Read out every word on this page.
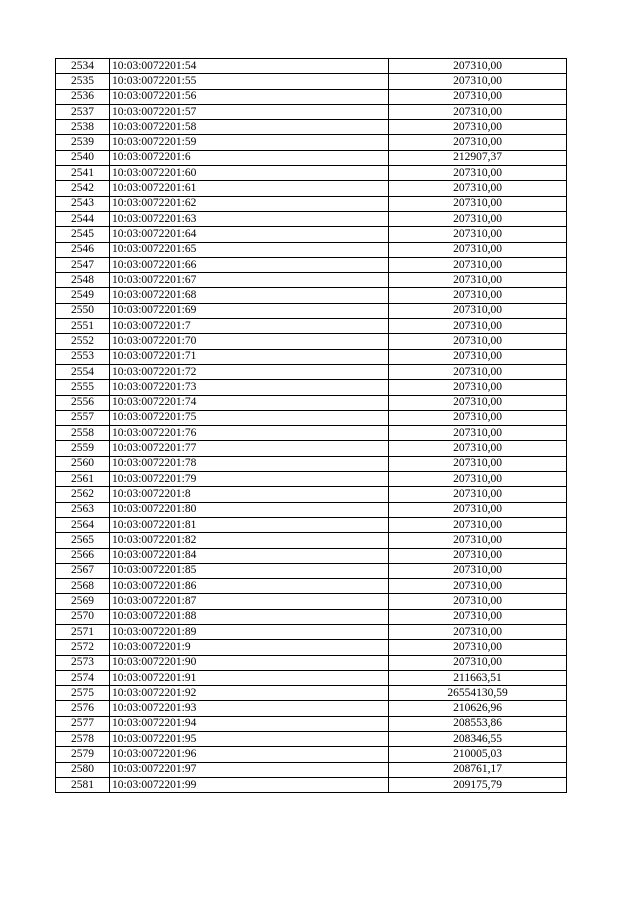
2534	10:03:0072201:54	207310,00
2535	10:03:0072201:55	207310,00
2536	10:03:0072201:56	207310,00
2537	10:03:0072201:57	207310,00
2538	10:03:0072201:58	207310,00
2539	10:03:0072201:59	207310,00
2540	10:03:0072201:6	212907,37
2541	10:03:0072201:60	207310,00
2542	10:03:0072201:61	207310,00
2543	10:03:0072201:62	207310,00
2544	10:03:0072201:63	207310,00
2545	10:03:0072201:64	207310,00
2546	10:03:0072201:65	207310,00
2547	10:03:0072201:66	207310,00
2548	10:03:0072201:67	207310,00
2549	10:03:0072201:68	207310,00
2550	10:03:0072201:69	207310,00
2551	10:03:0072201:7	207310,00
2552	10:03:0072201:70	207310,00
2553	10:03:0072201:71	207310,00
2554	10:03:0072201:72	207310,00
2555	10:03:0072201:73	207310,00
2556	10:03:0072201:74	207310,00
2557	10:03:0072201:75	207310,00
2558	10:03:0072201:76	207310,00
2559	10:03:0072201:77	207310,00
2560	10:03:0072201:78	207310,00
2561	10:03:0072201:79	207310,00
2562	10:03:0072201:8	207310,00
2563	10:03:0072201:80	207310,00
2564	10:03:0072201:81	207310,00
2565	10:03:0072201:82	207310,00
2566	10:03:0072201:84	207310,00
2567	10:03:0072201:85	207310,00
2568	10:03:0072201:86	207310,00
2569	10:03:0072201:87	207310,00
2570	10:03:0072201:88	207310,00
2571	10:03:0072201:89	207310,00
2572	10:03:0072201:9	207310,00
2573	10:03:0072201:90	207310,00
2574	10:03:0072201:91	211663,51
2575	10:03:0072201:92	26554130,59
2576	10:03:0072201:93	210626,96
2577	10:03:0072201:94	208553,86
2578	10:03:0072201:95	208346,55
2579	10:03:0072201:96	210005,03
2580	10:03:0072201:97	208761,17
2581	10:03:0072201:99	209175,79
